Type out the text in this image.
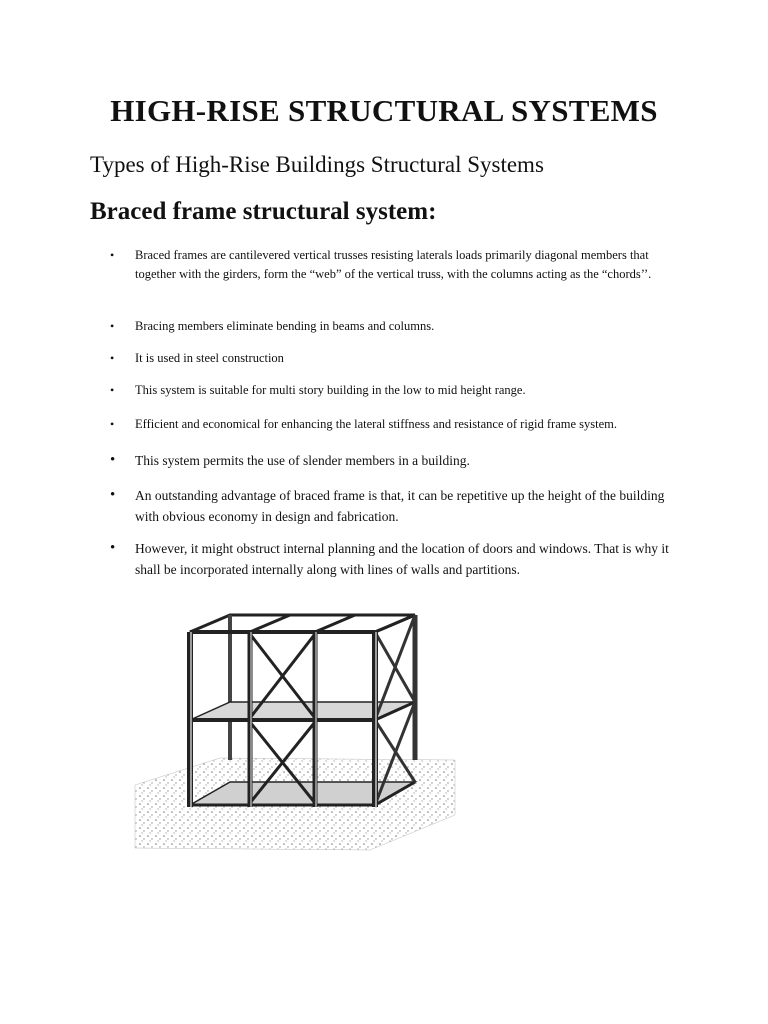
HIGH-RISE STRUCTURAL SYSTEMS
Types of High-Rise Buildings Structural Systems
Braced frame structural system:
•	Braced frames are cantilevered vertical trusses resisting laterals loads primarily diagonal members that together with the girders, form the “web” of the vertical truss, with the columns acting as the “chords’’.
•	Bracing members eliminate bending in beams and columns.
•	It is used in steel construction
•	This system is suitable for multi story building in the low to mid height range.
•	Efficient and economical for enhancing the lateral stiffness and resistance of rigid frame system.
•	This system permits the use of slender members in a building.
•	An outstanding advantage of braced frame is that, it can be repetitive up the height of the building with obvious economy in design and fabrication.
•	However, it might obstruct internal planning and the location of doors and windows. That is why it shall be incorporated internally along with lines of walls and partitions.
